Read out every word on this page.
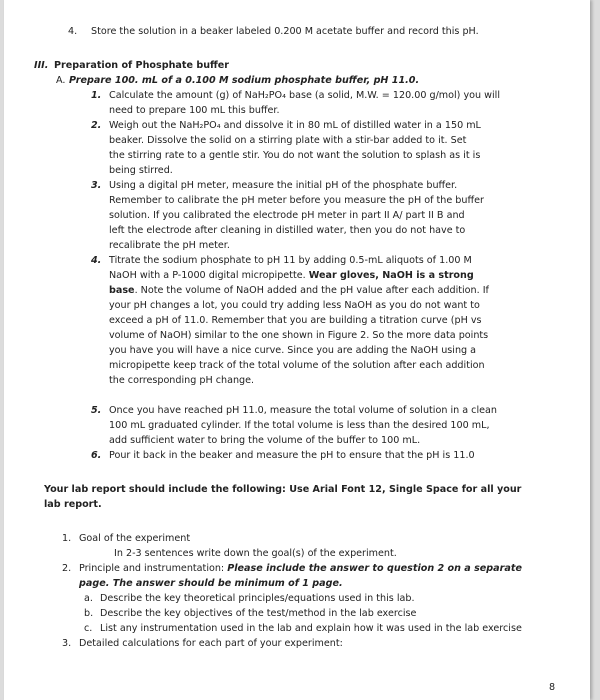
4. Store the solution in a beaker labeled 0.200 M acetate buffer and record this pH.
III. Preparation of Phosphate buffer
A. Prepare 100. mL of a 0.100 M sodium phosphate buffer, pH 11.0.
1. Calculate the amount (g) of NaH₂PO₄ base (a solid, M.W. = 120.00 g/mol) you will
need to prepare 100 mL this buffer.
2. Weigh out the NaH₂PO₄ and dissolve it in 80 mL of distilled water in a 150 mL
beaker. Dissolve the solid on a stirring plate with a stir-bar added to it. Set
the stirring rate to a gentle stir. You do not want the solution to splash as it is
being stirred.
3. Using a digital pH meter, measure the initial pH of the phosphate buffer.
Remember to calibrate the pH meter before you measure the pH of the buffer
solution. If you calibrated the electrode pH meter in part II A/ part II B and
left the electrode after cleaning in distilled water, then you do not have to
recalibrate the pH meter.
4. Titrate the sodium phosphate to pH 11 by adding 0.5-mL aliquots of 1.00 M
NaOH with a P-1000 digital micropipette. Wear gloves, NaOH is a strong
base. Note the volume of NaOH added and the pH value after each addition. If
your pH changes a lot, you could try adding less NaOH as you do not want to
exceed a pH of 11.0. Remember that you are building a titration curve (pH vs
volume of NaOH) similar to the one shown in Figure 2. So the more data points
you have you will have a nice curve. Since you are adding the NaOH using a
micropipette keep track of the total volume of the solution after each addition
the corresponding pH change.
5. Once you have reached pH 11.0, measure the total volume of solution in a clean
100 mL graduated cylinder. If the total volume is less than the desired 100 mL,
add sufficient water to bring the volume of the buffer to 100 mL.
6. Pour it back in the beaker and measure the pH to ensure that the pH is 11.0
Your lab report should include the following: Use Arial Font 12, Single Space for all your
lab report.
1. Goal of the experiment
In 2-3 sentences write down the goal(s) of the experiment.
2. Principle and instrumentation: Please include the answer to question 2 on a separate
page. The answer should be minimum of 1 page.
a. Describe the key theoretical principles/equations used in this lab.
b. Describe the key objectives of the test/method in the lab exercise
c. List any instrumentation used in the lab and explain how it was used in the lab exercise
3. Detailed calculations for each part of your experiment:
8
